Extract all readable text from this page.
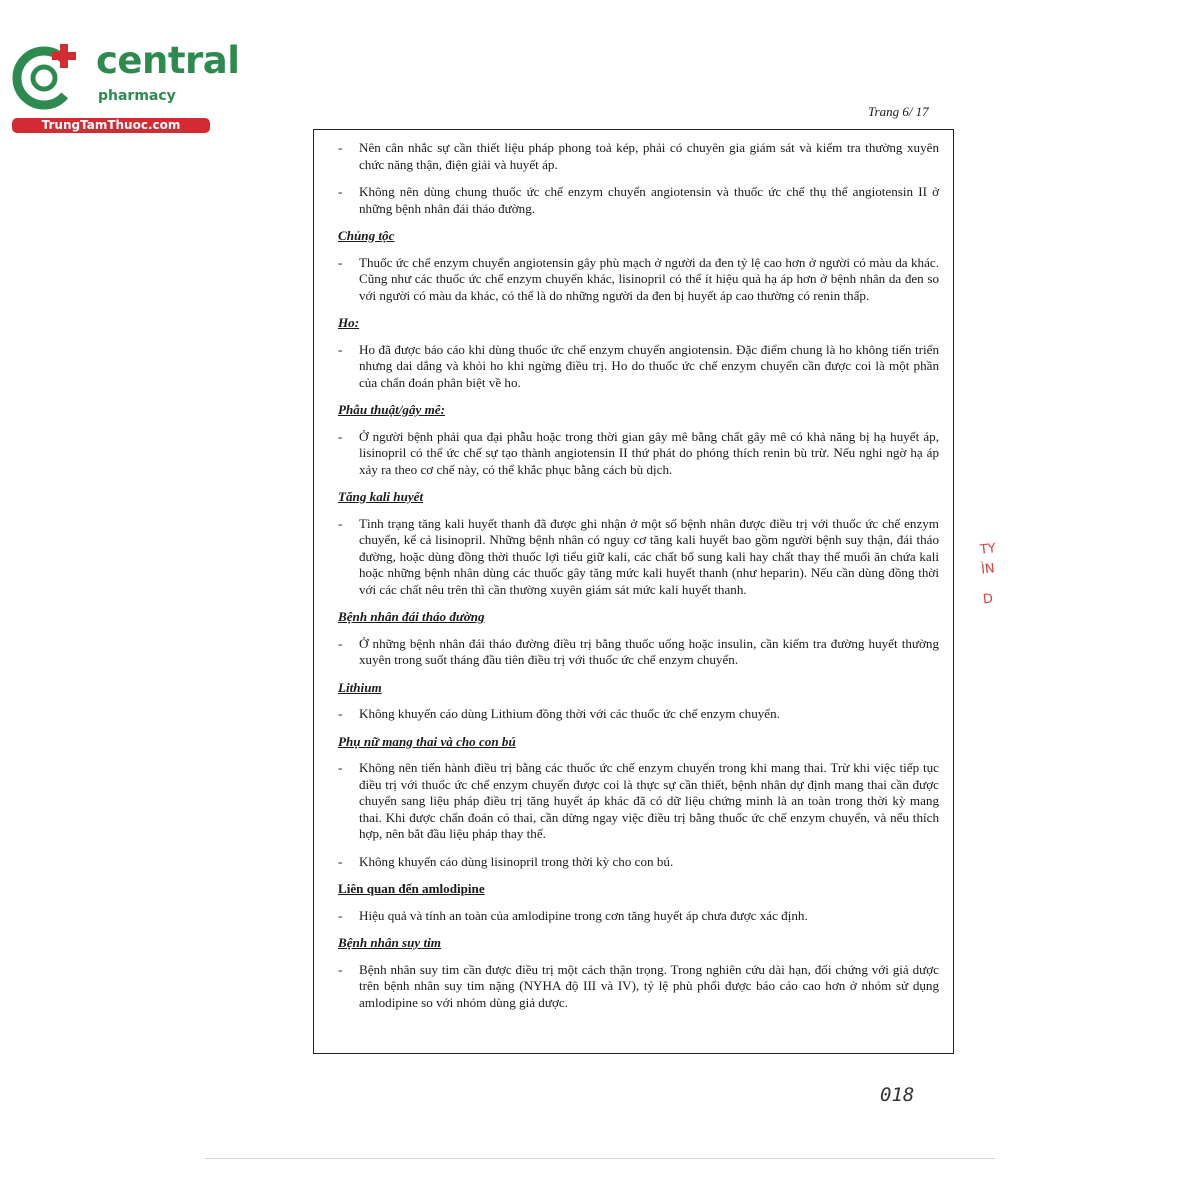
central
pharmacy
TrungTamThuoc.com
Trang 6/ 17
- Nên cân nhắc sự cần thiết liệu pháp phong toả kép, phải có chuyên gia giám sát và kiểm tra thường xuyên chức năng thận, điện giải và huyết áp.
- Không nên dùng chung thuốc ức chế enzym chuyển angiotensin và thuốc ức chế thụ thể angiotensin II ở những bệnh nhân đái tháo đường.
Chủng tộc
- Thuốc ức chế enzym chuyển angiotensin gây phù mạch ở người da đen tỷ lệ cao hơn ở người có màu da khác. Cũng như các thuốc ức chế enzym chuyển khác, lisinopril có thể ít hiệu quả hạ áp hơn ở bệnh nhân da đen so với người có màu da khác, có thể là do những người da đen bị huyết áp cao thường có renin thấp.
Ho:
- Ho đã được báo cáo khi dùng thuốc ức chế enzym chuyển angiotensin. Đặc điểm chung là ho không tiến triển nhưng dai dẳng và khỏi ho khi ngừng điều trị. Ho do thuốc ức chế enzym chuyển cần được coi là một phần của chẩn đoán phân biệt về ho.
Phẫu thuật/gây mê:
- Ở người bệnh phải qua đại phẫu hoặc trong thời gian gây mê bằng chất gây mê có khả năng bị hạ huyết áp, lisinopril có thể ức chế sự tạo thành angiotensin II thứ phát do phóng thích renin bù trừ. Nếu nghi ngờ hạ áp xảy ra theo cơ chế này, có thể khắc phục bằng cách bù dịch.
Tăng kali huyết
- Tình trạng tăng kali huyết thanh đã được ghi nhận ở một số bệnh nhân được điều trị với thuốc ức chế enzym chuyển, kể cả lisinopril. Những bệnh nhân có nguy cơ tăng kali huyết bao gồm người bệnh suy thận, đái tháo đường, hoặc dùng đồng thời thuốc lợi tiểu giữ kali, các chất bổ sung kali hay chất thay thế muối ăn chứa kali hoặc những bệnh nhân dùng các thuốc gây tăng mức kali huyết thanh (như heparin). Nếu cần dùng đồng thời với các chất nêu trên thì cần thường xuyên giám sát mức kali huyết thanh.
Bệnh nhân đái tháo đường
- Ở những bệnh nhân đái tháo đường điều trị bằng thuốc uống hoặc insulin, cần kiểm tra đường huyết thường xuyên trong suốt tháng đầu tiên điều trị với thuốc ức chế enzym chuyển.
Lithium
- Không khuyến cáo dùng Lithium đồng thời với các thuốc ức chế enzym chuyển.
Phụ nữ mang thai và cho con bú
- Không nên tiến hành điều trị bằng các thuốc ức chế enzym chuyển trong khi mang thai. Trừ khi việc tiếp tục điều trị với thuốc ức chế enzym chuyển được coi là thực sự cần thiết, bệnh nhân dự định mang thai cần được chuyển sang liệu pháp điều trị tăng huyết áp khác đã có dữ liệu chứng minh là an toàn trong thời kỳ mang thai. Khi được chẩn đoán có thai, cần dừng ngay việc điều trị bằng thuốc ức chế enzym chuyển, và nếu thích hợp, nên bắt đầu liệu pháp thay thế.
- Không khuyến cáo dùng lisinopril trong thời kỳ cho con bú.
Liên quan đến amlodipine
- Hiệu quả và tính an toàn của amlodipine trong cơn tăng huyết áp chưa được xác định.
Bệnh nhân suy tim
- Bệnh nhân suy tim cần được điều trị một cách thận trọng. Trong nghiên cứu dài hạn, đối chứng với giả dược trên bệnh nhân suy tim nặng (NYHA độ III và IV), tỷ lệ phù phổi được báo cáo cao hơn ở nhóm sử dụng amlodipine so với nhóm dùng giả dược.
TY
ÌN
D
018
